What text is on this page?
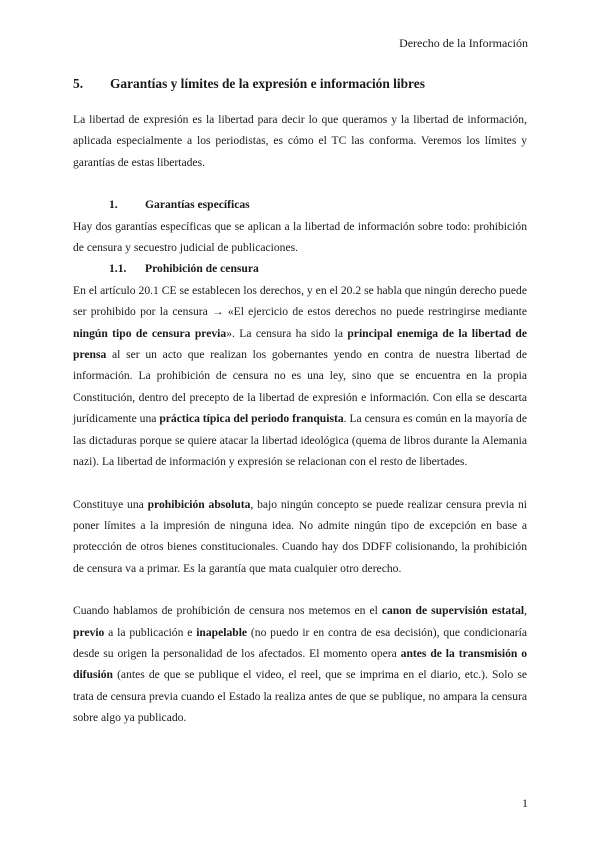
Derecho de la Información
5.	Garantías y límites de la expresión e información libres

La libertad de expresión es la libertad para decir lo que queramos y la libertad de información, aplicada especialmente a los periodistas, es cómo el TC las conforma. Veremos los límites y garantías de estas libertades.

1.	Garantías específicas

Hay dos garantías específicas que se aplican a la libertad de información sobre todo: prohibición de censura y secuestro judicial de publicaciones.

1.1.	Prohibición de censura

En el artículo 20.1 CE se establecen los derechos, y en el 20.2 se habla que ningún derecho puede ser prohibido por la censura → «El ejercicio de estos derechos no puede restringirse mediante ningún tipo de censura previa». La censura ha sido la principal enemiga de la libertad de prensa al ser un acto que realizan los gobernantes yendo en contra de nuestra libertad de información. La prohibición de censura no es una ley, sino que se encuentra en la propia Constitución, dentro del precepto de la libertad de expresión e información. Con ella se descarta jurídicamente una práctica típica del periodo franquista. La censura es común en la mayoría de las dictaduras porque se quiere atacar la libertad ideológica (quema de libros durante la Alemania nazi). La libertad de información y expresión se relacionan con el resto de libertades.

Constituye una prohibición absoluta, bajo ningún concepto se puede realizar censura previa ni poner límites a la impresión de ninguna idea. No admite ningún tipo de excepción en base a protección de otros bienes constitucionales. Cuando hay dos DDFF colisionando, la prohibición de censura va a primar. Es la garantía que mata cualquier otro derecho.

Cuando hablamos de prohibición de censura nos metemos en el canon de supervisión estatal, previo a la publicación e inapelable (no puedo ir en contra de esa decisión), que condicionaría desde su origen la personalidad de los afectados. El momento opera antes de la transmisión o difusión (antes de que se publique el video, el reel, que se imprima en el diario, etc.). Solo se trata de censura previa cuando el Estado la realiza antes de que se publique, no ampara la censura sobre algo ya publicado.

1
